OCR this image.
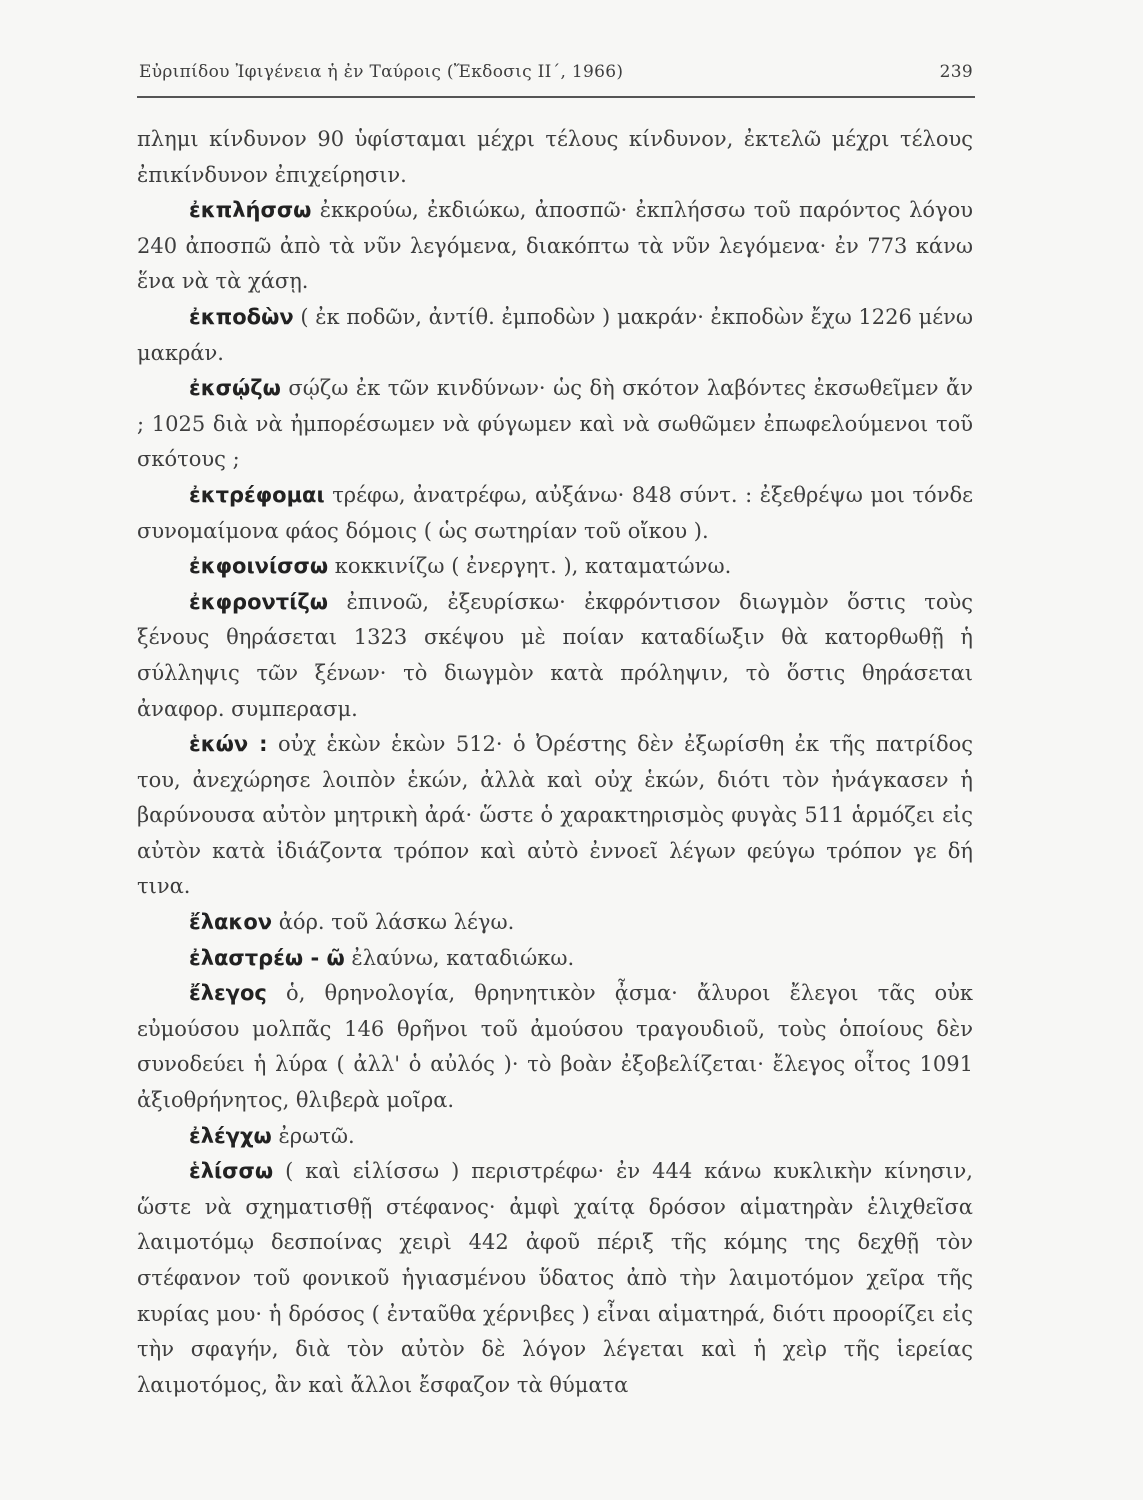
Εὐριπίδου Ἰφιγένεια ἡ ἐν Ταύροις (Ἔκδοσις ΙΙ΄, 1966)	239

πλημι κίνδυνον 90 ὑφίσταμαι μέχρι τέλους κίνδυνον, ἐκτελῶ μέχρι τέλους ἐπικίνδυνον ἐπιχείρησιν.

ἐκπλήσσω ἐκκρούω, ἐκδιώκω, ἀποσπῶ· ἐκπλήσσω τοῦ παρόντος λόγου 240 ἀποσπῶ ἀπὸ τὰ νῦν λεγόμενα, διακόπτω τὰ νῦν λεγόμενα· ἐν 773 κάνω ἕνα νὰ τὰ χάσῃ.

ἐκποδὼν ( ἐκ ποδῶν, ἀντίθ. ἐμποδὼν ) μακράν· ἐκποδὼν ἔχω 1226 μένω μακράν.

ἐκσῴζω σῴζω ἐκ τῶν κινδύνων· ὡς δὴ σκότον λαβόντες ἐκσωθεῖμεν ἄν ; 1025 διὰ νὰ ἠμπορέσωμεν νὰ φύγωμεν καὶ νὰ σωθῶμεν ἐπωφελούμενοι τοῦ σκότους ;

ἐκτρέφομαι τρέφω, ἀνατρέφω, αὐξάνω· 848 σύντ. : ἐξεθρέψω μοι τόνδε συνομαίμονα φάος δόμοις ( ὡς σωτηρίαν τοῦ οἴκου ).

ἐκφοινίσσω κοκκινίζω ( ἐνεργητ. ), καταματώνω.

ἐκφροντίζω ἐπινοῶ, ἐξευρίσκω· ἐκφρόντισον διωγμὸν ὅστις τοὺς ξένους θηράσεται 1323 σκέψου μὲ ποίαν καταδίωξιν θὰ κατορθωθῇ ἡ σύλληψις τῶν ξένων· τὸ διωγμὸν κατὰ πρόληψιν, τὸ ὅστις θηράσεται ἀναφορ. συμπερασμ.

ἑκών : οὐχ ἑκὼν ἑκὼν 512· ὁ Ὀρέστης δὲν ἐξωρίσθη ἐκ τῆς πατρίδος του, ἀνεχώρησε λοιπὸν ἑκών, ἀλλὰ καὶ οὐχ ἑκών, διότι τὸν ἠνάγκασεν ἡ βαρύνουσα αὐτὸν μητρικὴ ἀρά· ὥστε ὁ χαρακτηρισμὸς φυγὰς 511 ἁρμόζει εἰς αὐτὸν κατὰ ἰδιάζοντα τρόπον καὶ αὐτὸ ἐννοεῖ λέγων φεύγω τρόπον γε δή τινα.

ἔλακον ἀόρ. τοῦ λάσκω λέγω.

ἐλαστρέω - ῶ ἐλαύνω, καταδιώκω.

ἔλεγος ὁ, θρηνολογία, θρηνητικὸν ᾆσμα· ἄλυροι ἔλεγοι τᾶς οὐκ εὐμούσου μολπᾶς 146 θρῆνοι τοῦ ἀμούσου τραγουδιοῦ, τοὺς ὁποίους δὲν συνοδεύει ἡ λύρα ( ἀλλ' ὁ αὐλός )· τὸ βοὰν ἐξοβελίζεται· ἔλεγος οἶτος 1091 ἀξιοθρήνητος, θλιβερὰ μοῖρα.

ἐλέγχω ἐρωτῶ.

ἑλίσσω ( καὶ εἱλίσσω ) περιστρέφω· ἐν 444 κάνω κυκλικὴν κίνησιν, ὥστε νὰ σχηματισθῇ στέφανος· ἀμφὶ χαίτᾳ δρόσον αἱματηρὰν ἑλιχθεῖσα λαιμοτόμῳ δεσποίνας χειρὶ 442 ἀφοῦ πέριξ τῆς κόμης της δεχθῇ τὸν στέφανον τοῦ φονικοῦ ἡγιασμένου ὕδατος ἀπὸ τὴν λαιμοτόμον χεῖρα τῆς κυρίας μου· ἡ δρόσος ( ἐνταῦθα χέρνιβες ) εἶναι αἱματηρά, διότι προορίζει εἰς τὴν σφαγήν, διὰ τὸν αὐτὸν δὲ λόγον λέγεται καὶ ἡ χεὶρ τῆς ἱερείας λαιμοτόμος, ἂν καὶ ἄλλοι ἔσφαζον τὰ θύματα
